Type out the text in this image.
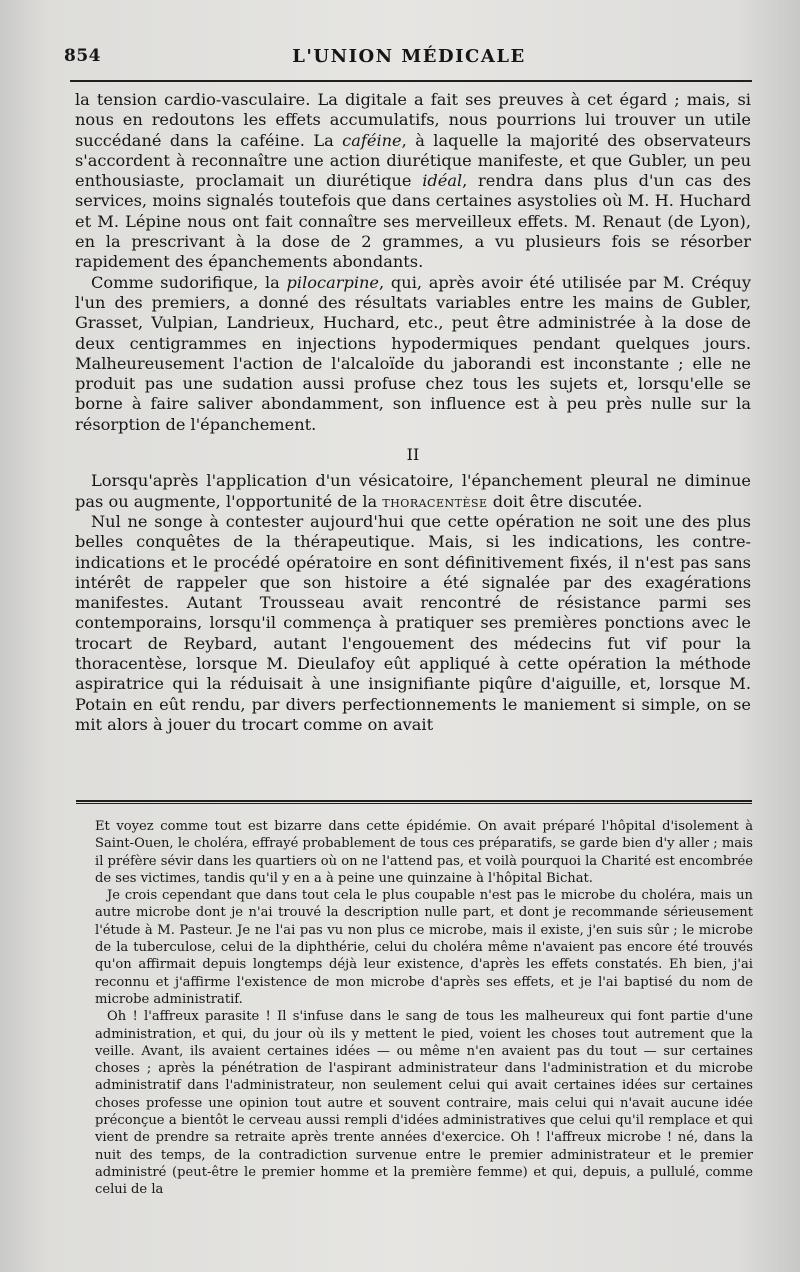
854	L'UNION MÉDICALE

la tension cardio-vasculaire. La digitale a fait ses preuves à cet égard ; mais, si nous en redoutons les effets accumulatifs, nous pourrions lui trouver un utile succédané dans la caféine. La caféine, à laquelle la majorité des observateurs s'accordent à reconnaître une action diurétique manifeste, et que Gubler, un peu enthousiaste, proclamait un diurétique idéal, rendra dans plus d'un cas des services, moins signalés toutefois que dans certaines asystolies où M. H. Huchard et M. Lépine nous ont fait connaître ses merveilleux effets. M. Renaut (de Lyon), en la prescrivant à la dose de 2 grammes, a vu plusieurs fois se résorber rapidement des épanchements abondants.

Comme sudorifique, la pilocarpine, qui, après avoir été utilisée par M. Créquy l'un des premiers, a donné des résultats variables entre les mains de Gubler, Grasset, Vulpian, Landrieux, Huchard, etc., peut être administrée à la dose de deux centigrammes en injections hypodermiques pendant quelques jours. Malheureusement l'action de l'alcaloïde du jaborandi est inconstante ; elle ne produit pas une sudation aussi profuse chez tous les sujets et, lorsqu'elle se borne à faire saliver abondamment, son influence est à peu près nulle sur la résorption de l'épanchement.

II

Lorsqu'après l'application d'un vésicatoire, l'épanchement pleural ne diminue pas ou augmente, l'opportunité de la thoracentèse doit être discutée.

Nul ne songe à contester aujourd'hui que cette opération ne soit une des plus belles conquêtes de la thérapeutique. Mais, si les indications, les contre-indications et le procédé opératoire en sont définitivement fixés, il n'est pas sans intérêt de rappeler que son histoire a été signalée par des exagérations manifestes. Autant Trousseau avait rencontré de résistance parmi ses contemporains, lorsqu'il commença à pratiquer ses premières ponctions avec le trocart de Reybard, autant l'engouement des médecins fut vif pour la thoracentèse, lorsque M. Dieulafoy eût appliqué à cette opération la méthode aspiratrice qui la réduisait à une insignifiante piqûre d'aiguille, et, lorsque M. Potain en eût rendu, par divers perfectionnements le maniement si simple, on se mit alors à jouer du trocart comme on avait

Et voyez comme tout est bizarre dans cette épidémie. On avait préparé l'hôpital d'isolement à Saint-Ouen, le choléra, effrayé probablement de tous ces préparatifs, se garde bien d'y aller ; mais il préfère sévir dans les quartiers où on ne l'attend pas, et voilà pourquoi la Charité est encombrée de ses victimes, tandis qu'il y en a à peine une quinzaine à l'hôpital Bichat.

Je crois cependant que dans tout cela le plus coupable n'est pas le microbe du choléra, mais un autre microbe dont je n'ai trouvé la description nulle part, et dont je recommande sérieusement l'étude à M. Pasteur. Je ne l'ai pas vu non plus ce microbe, mais il existe, j'en suis sûr ; le microbe de la tuberculose, celui de la diphthérie, celui du choléra même n'avaient pas encore été trouvés qu'on affirmait depuis longtemps déjà leur existence, d'après les effets constatés. Eh bien, j'ai reconnu et j'affirme l'existence de mon microbe d'après ses effets, et je l'ai baptisé du nom de microbe administratif.

Oh ! l'affreux parasite ! Il s'infuse dans le sang de tous les malheureux qui font partie d'une administration, et qui, du jour où ils y mettent le pied, voient les choses tout autrement que la veille. Avant, ils avaient certaines idées — ou même n'en avaient pas du tout — sur certaines choses ; après la pénétration de l'aspirant administrateur dans l'administration et du microbe administratif dans l'administrateur, non seulement celui qui avait certaines idées sur certaines choses professe une opinion tout autre et souvent contraire, mais celui qui n'avait aucune idée préconçue a bientôt le cerveau aussi rempli d'idées administratives que celui qu'il remplace et qui vient de prendre sa retraite après trente années d'exercice. Oh ! l'affreux microbe ! né, dans la nuit des temps, de la contradiction survenue entre le premier administrateur et le premier administré (peut-être le premier homme et la première femme) et qui, depuis, a pullulé, comme celui de la
